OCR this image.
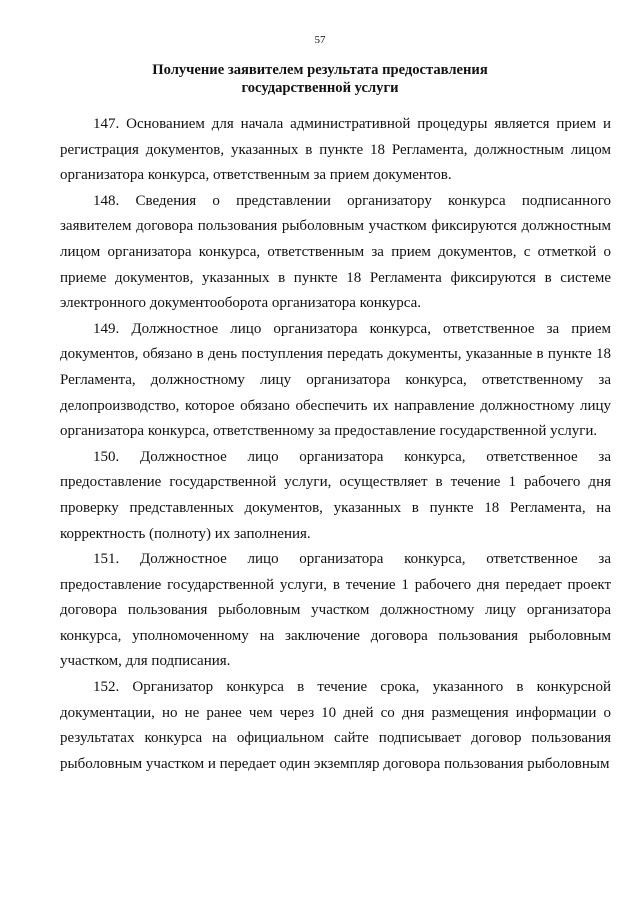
57
Получение заявителем результата предоставления
государственной услуги

147. Основанием для начала административной процедуры является прием и регистрация документов, указанных в пункте 18 Регламента, должностным лицом организатора конкурса, ответственным за прием документов.

148. Сведения о представлении организатору конкурса подписанного заявителем договора пользования рыболовным участком фиксируются должностным лицом организатора конкурса, ответственным за прием документов, с отметкой о приеме документов, указанных в пункте 18 Регламента фиксируются в системе электронного документооборота организатора конкурса.

149. Должностное лицо организатора конкурса, ответственное за прием документов, обязано в день поступления передать документы, указанные в пункте 18 Регламента, должностному лицу организатора конкурса, ответственному за делопроизводство, которое обязано обеспечить их направление должностному лицу организатора конкурса, ответственному за предоставление государственной услуги.

150. Должностное лицо организатора конкурса, ответственное за предоставление государственной услуги, осуществляет в течение 1 рабочего дня проверку представленных документов, указанных в пункте 18 Регламента, на корректность (полноту) их заполнения.

151. Должностное лицо организатора конкурса, ответственное за предоставление государственной услуги, в течение 1 рабочего дня передает проект договора пользования рыболовным участком должностному лицу организатора конкурса, уполномоченному на заключение договора пользования рыболовным участком, для подписания.

152. Организатор конкурса в течение срока, указанного в конкурсной документации, но не ранее чем через 10 дней со дня размещения информации о результатах конкурса на официальном сайте подписывает договор пользования рыболовным участком и передает один экземпляр договора пользования рыболовным
